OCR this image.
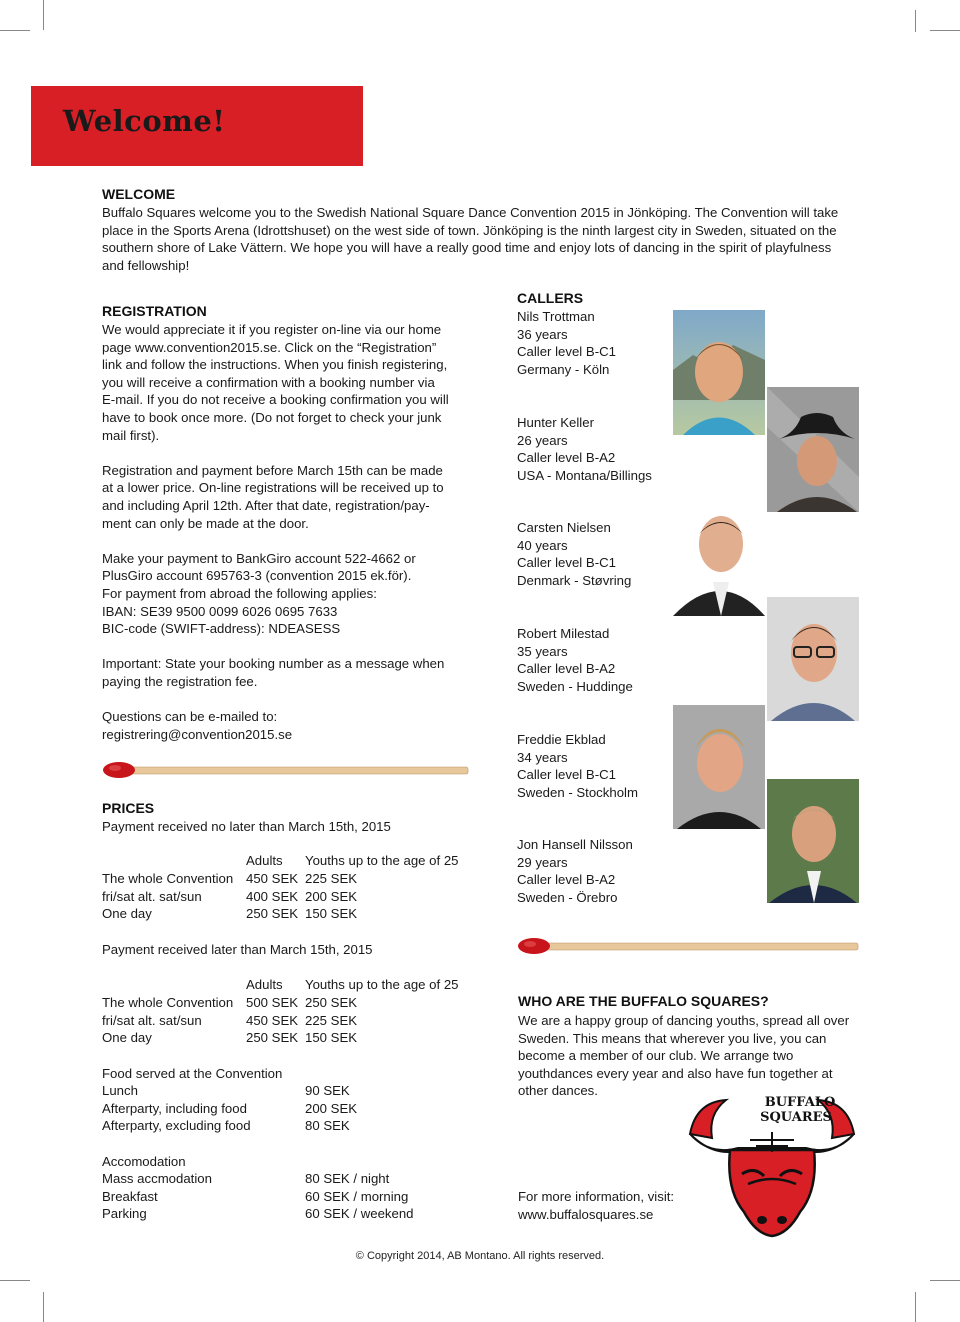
Welcome!
WELCOME
Buffalo Squares welcome you to the Swedish National Square Dance Convention 2015 in Jönköping. The Convention will take
place in the Sports Arena (Idrottshuset) on the west side of town. Jönköping is the ninth largest city in Sweden, situated on the
southern shore of Lake Vättern. We hope you will have a really good time and enjoy lots of dancing in the spirit of playfulness
and fellowship!
REGISTRATION
We would appreciate it if you register on-line via our home
page www.convention2015.se. Click on the “Registration”
link and follow the instructions. When you finish registering,
you will receive a confirmation with a booking number via
E-mail. If you do not receive a booking confirmation you will
have to book once more. (Do not forget to check your junk
mail first).
Registration and payment before March 15th can be made
at a lower price. On-line registrations will be received up to
and including April 12th. After that date, registration/pay-
ment can only be made at the door.
Make your payment to BankGiro account 522-4662 or
PlusGiro account 695763-3 (convention 2015 ek.för).
For payment from abroad the following applies:
IBAN: SE39 9500 0099 6026 0695 7633
BIC-code (SWIFT-address): NDEASESS
Important: State your booking number as a message when
paying the registration fee.
Questions can be e-mailed to:
registrering@convention2015.se
PRICES
Payment received no later than March 15th, 2015
Adults Youths up to the age of 25
The whole Convention 450 SEK 225 SEK
fri/sat alt. sat/sun	400 SEK 200 SEK
One day	250 SEK 150 SEK
Payment received later than March 15th, 2015
Adults Youths up to the age of 25
The whole Convention 500 SEK 250 SEK
fri/sat alt. sat/sun	450 SEK 225 SEK
One day	250 SEK 150 SEK
Food served at the Convention
Lunch	90 SEK
Afterparty, including food	200 SEK
Afterparty, excluding food	80 SEK
Accomodation
Mass accmodation	80 SEK / night
Breakfast	60 SEK / morning
Parking	60 SEK / weekend
CALLERS
Nils Trottman
36 years
Caller level B-C1
Germany - Köln
Hunter Keller
26 years
Caller level B-A2
USA - Montana/Billings
Carsten Nielsen
40 years
Caller level B-C1
Denmark - Støvring
Robert Milestad
35 years
Caller level B-A2
Sweden - Huddinge
Freddie Ekblad
34 years
Caller level B-C1
Sweden - Stockholm
Jon Hansell Nilsson
29 years
Caller level B-A2
Sweden - Örebro
WHO ARE THE BUFFALO SQUARES?
We are a happy group of dancing youths, spread all over
Sweden. This means that wherever you live, you can
become a member of our club. We arrange two
youthdances every year and also have fun together at
other dances.
For more information, visit:
www.buffalosquares.se
BUFFALO
SQUARES
© Copyright 2014, AB Montano. All rights reserved.
